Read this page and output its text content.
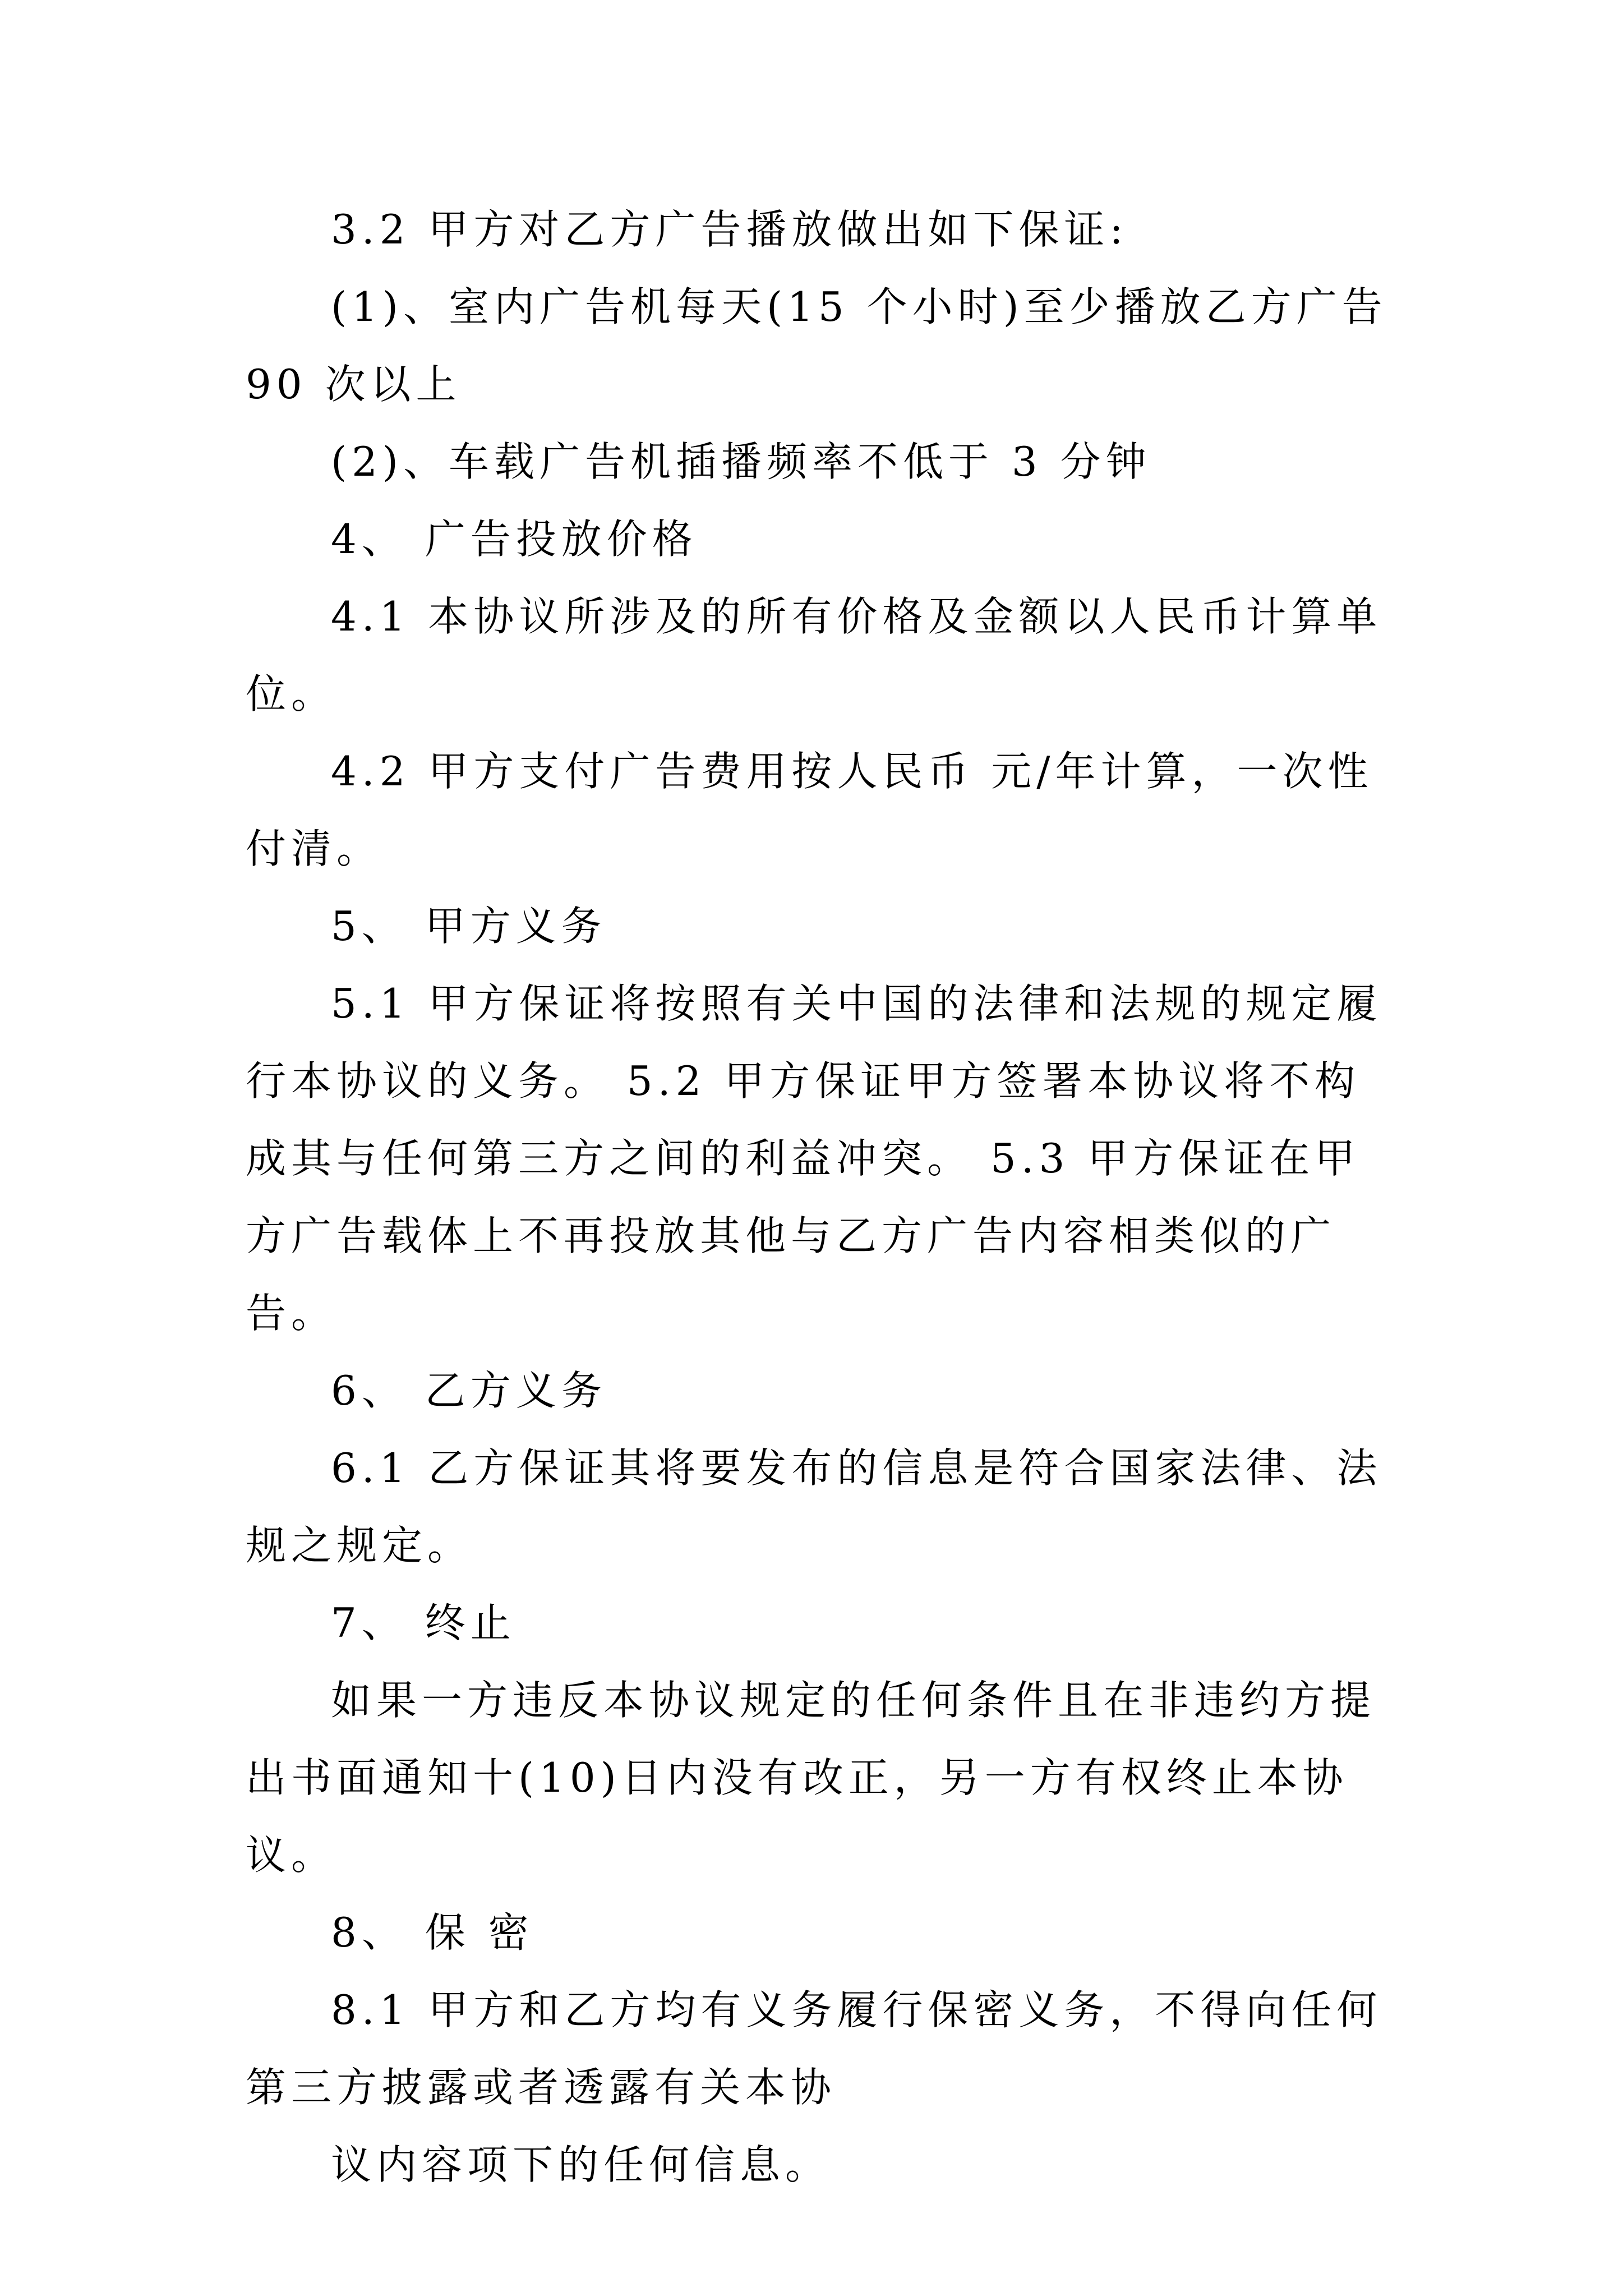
3.2 甲方对乙方广告播放做出如下保证:

(1)、室内广告机每天(15 个小时)至少播放乙方广告 90 次以上

(2)、车载广告机插播频率不低于 3 分钟

4、 广告投放价格

4.1 本协议所涉及的所有价格及金额以人民币计算单位。

4.2 甲方支付广告费用按人民币 元/年计算，一次性付清。

5、 甲方义务

5.1 甲方保证将按照有关中国的法律和法规的规定履行本协议的义务。 5.2 甲方保证甲方签署本协议将不构成其与任何第三方之间的利益冲突。 5.3 甲方保证在甲方广告载体上不再投放其他与乙方广告内容相类似的广告。

6、 乙方义务

6.1 乙方保证其将要发布的信息是符合国家法律、法规之规定。

7、 终止

如果一方违反本协议规定的任何条件且在非违约方提出书面通知十(10)日内没有改正，另一方有权终止本协议。

8、 保 密

8.1 甲方和乙方均有义务履行保密义务，不得向任何第三方披露或者透露有关本协

议内容项下的任何信息。
